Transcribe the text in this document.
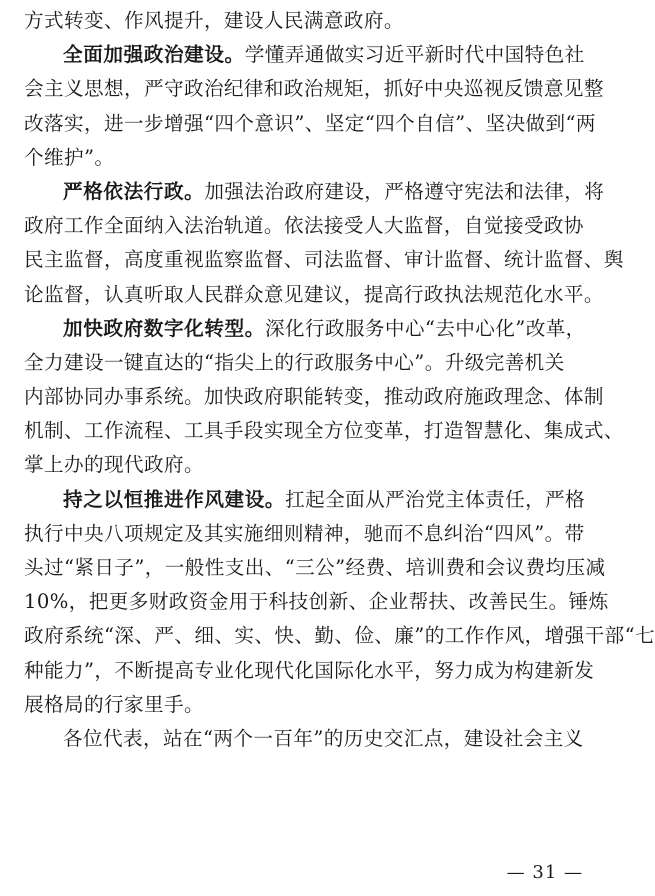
方式转变、作风提升，建设人民满意政府。
全面加强政治建设。学懂弄通做实习近平新时代中国特色社
会主义思想，严守政治纪律和政治规矩，抓好中央巡视反馈意见整
改落实，进一步增强“四个意识”、坚定“四个自信”、坚决做到“两
个维护”。
严格依法行政。加强法治政府建设，严格遵守宪法和法律，将
政府工作全面纳入法治轨道。依法接受人大监督，自觉接受政协
民主监督，高度重视监察监督、司法监督、审计监督、统计监督、舆
论监督，认真听取人民群众意见建议，提高行政执法规范化水平。
加快政府数字化转型。深化行政服务中心“去中心化”改革，
全力建设一键直达的“指尖上的行政服务中心”。升级完善机关
内部协同办事系统。加快政府职能转变，推动政府施政理念、体制
机制、工作流程、工具手段实现全方位变革，打造智慧化、集成式、
掌上办的现代政府。
持之以恒推进作风建设。扛起全面从严治党主体责任，严格
执行中央八项规定及其实施细则精神，驰而不息纠治“四风”。带
头过“紧日子”，一般性支出、“三公”经费、培训费和会议费均压减
10%，把更多财政资金用于科技创新、企业帮扶、改善民生。锤炼
政府系统“深、严、细、实、快、勤、俭、廉”的工作作风，增强干部“七
种能力”，不断提高专业化现代化国际化水平，努力成为构建新发
展格局的行家里手。
各位代表，站在“两个一百年”的历史交汇点，建设社会主义
— 31 —
